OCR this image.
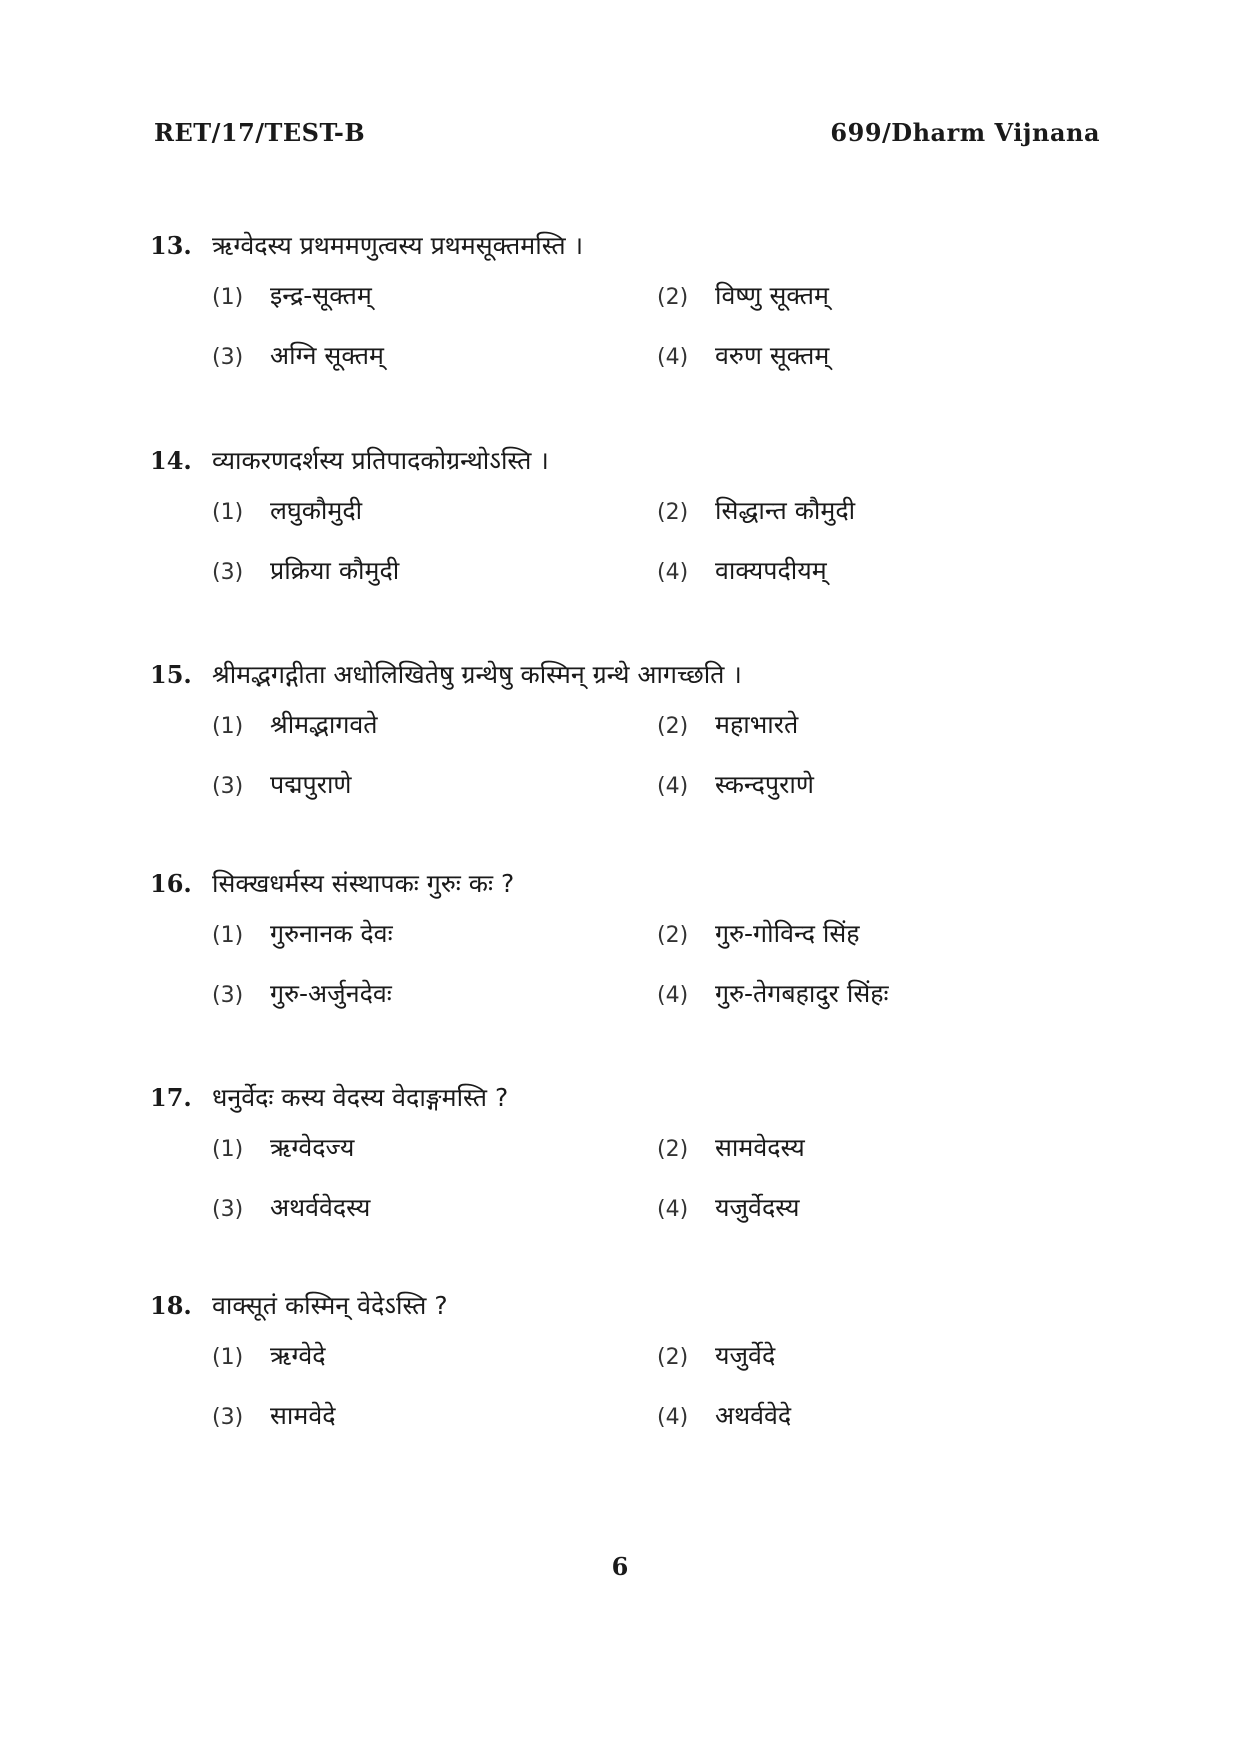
RET/17/TEST-B	699/Dharm Vijnana
13. ऋग्वेदस्य प्रथममणुत्वस्य प्रथमसूक्तमस्ति ।
(1)	इन्द्र-सूक्तम्	(2)	विष्णु सूक्तम्
(3)	अग्नि सूक्तम्	(4)	वरुण सूक्तम्
14. व्याकरणदर्शस्य प्रतिपादकोग्रन्थोऽस्ति ।
(1)	लघुकौमुदी	(2)	सिद्धान्त कौमुदी
(3)	प्रक्रिया कौमुदी	(4)	वाक्यपदीयम्
15. श्रीमद्भगद्गीता अधोलिखितेषु ग्रन्थेषु कस्मिन् ग्रन्थे आगच्छति ।
(1)	श्रीमद्भागवते	(2)	महाभारते
(3)	पद्मपुराणे	(4)	स्कन्दपुराणे
16. सिक्खधर्मस्य संस्थापकः गुरुः कः ?
(1)	गुरुनानक देवः	(2)	गुरु-गोविन्द सिंह
(3)	गुरु-अर्जुनदेवः	(4)	गुरु-तेगबहादुर सिंहः
17. धनुर्वेदः कस्य वेदस्य वेदाङ्गमस्ति ?
(1)	ऋग्वेदज्य	(2)	सामवेदस्य
(3)	अथर्ववेदस्य	(4)	यजुर्वेदस्य
18. वाक्सूतं कस्मिन् वेदेऽस्ति ?
(1)	ऋग्वेदे	(2)	यजुर्वेदे
(3)	सामवेदे	(4)	अथर्ववेदे
6
